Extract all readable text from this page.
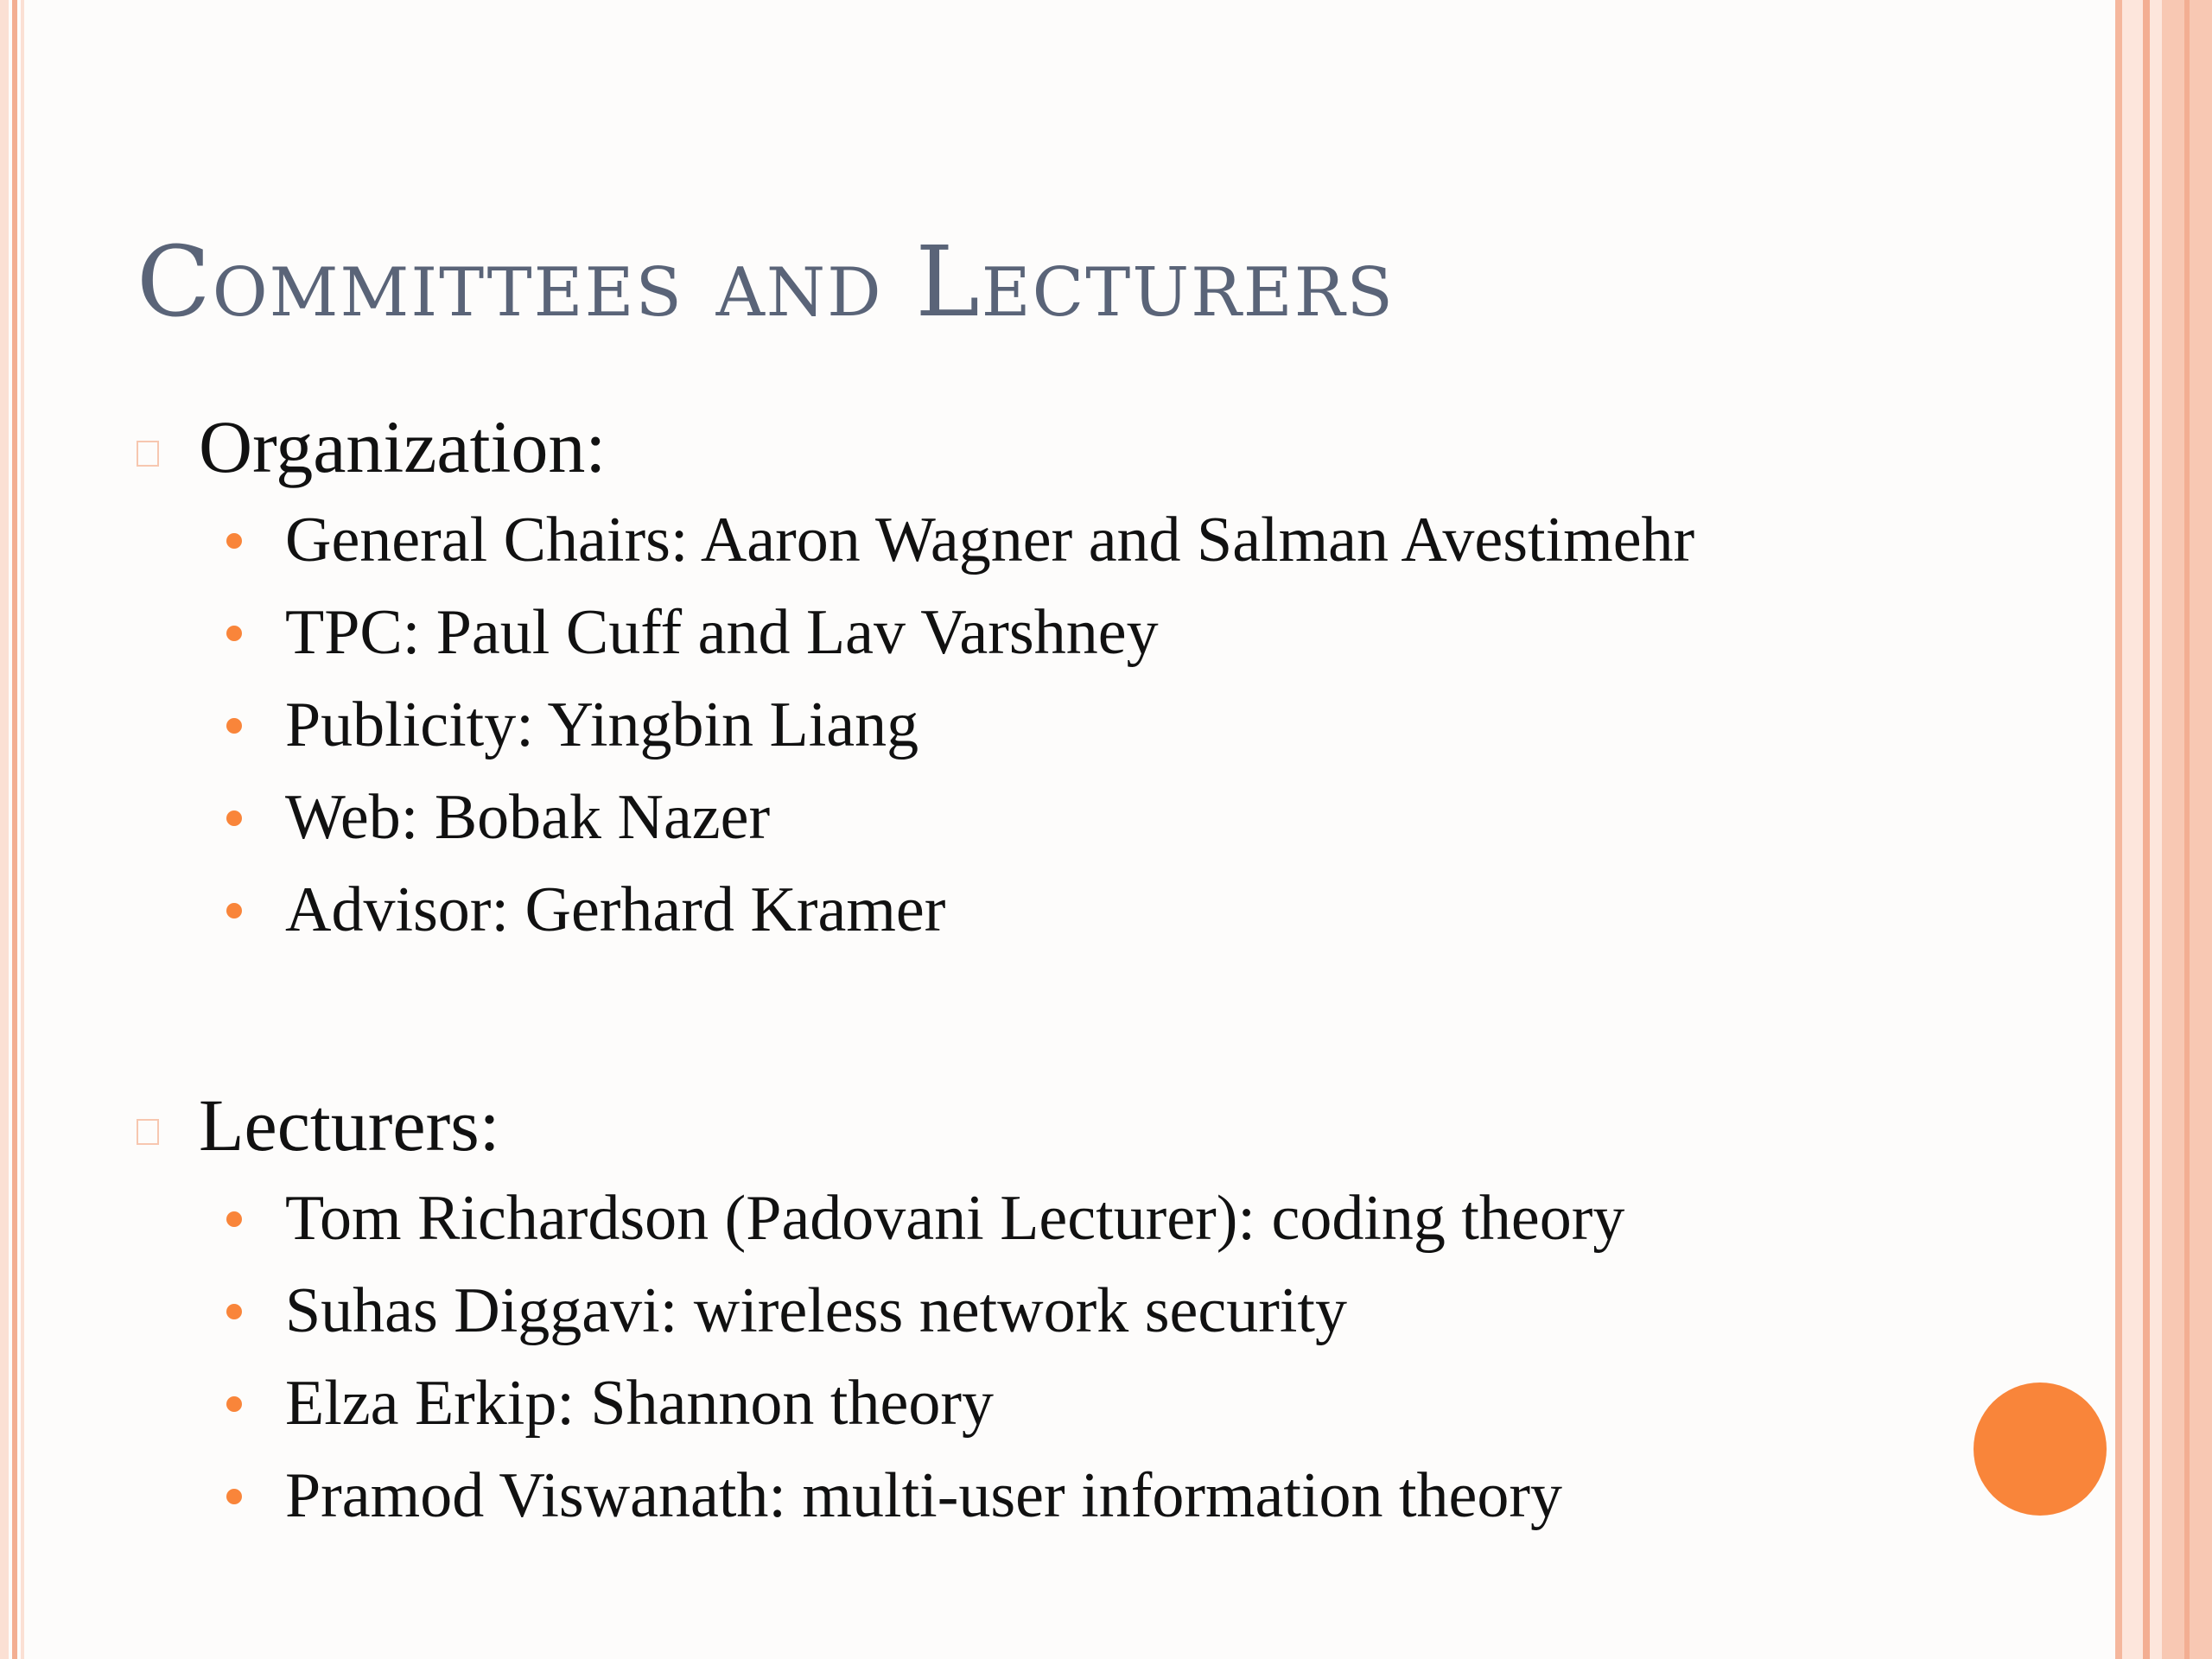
Committees and Lecturers
Organization:
General Chairs: Aaron Wagner and Salman Avestimehr
TPC: Paul Cuff and Lav Varshney
Publicity: Yingbin Liang
Web: Bobak Nazer
Advisor: Gerhard Kramer
Lecturers:
Tom Richardson (Padovani Lecturer): coding theory
Suhas Diggavi: wireless network security
Elza Erkip: Shannon theory
Pramod Viswanath: multi-user information theory
